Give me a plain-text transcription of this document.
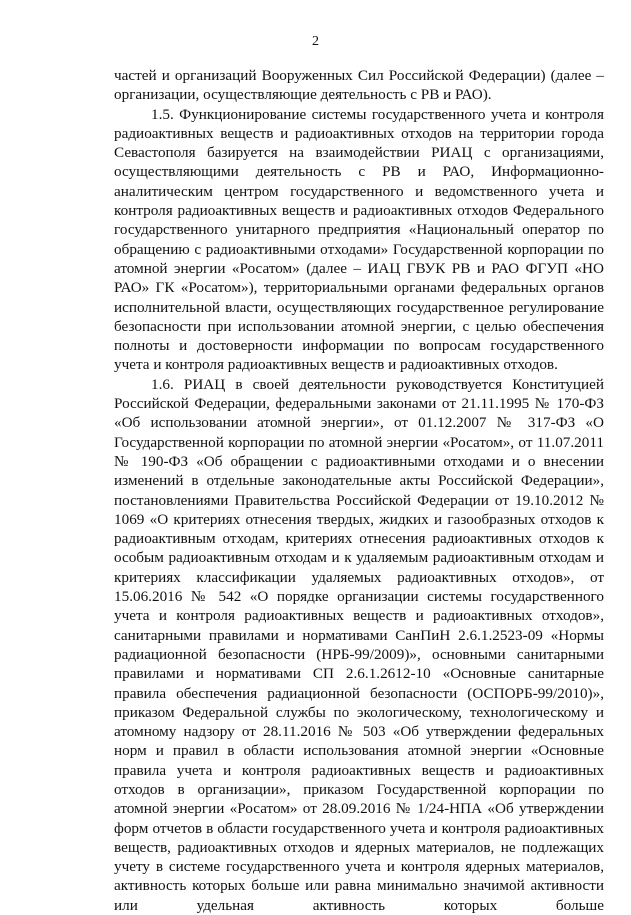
2

частей и организаций Вооруженных Сил Российской Федерации) (далее – организации, осуществляющие деятельность с РВ и РАО).

1.5. Функционирование системы государственного учета и контроля радиоактивных веществ и радиоактивных отходов на территории города Севастополя базируется на взаимодействии РИАЦ с организациями, осуществляющими деятельность с РВ и РАО, Информационно-аналитическим центром государственного и ведомственного учета и контроля радиоактивных веществ и радиоактивных отходов Федерального государственного унитарного предприятия «Национальный оператор по обращению с радиоактивными отходами» Государственной корпорации по атомной энергии «Росатом» (далее – ИАЦ ГВУК РВ и РАО ФГУП «НО РАО» ГК «Росатом»), территориальными органами федеральных органов исполнительной власти, осуществляющих государственное регулирование безопасности при использовании атомной энергии, с целью обеспечения полноты и достоверности информации по вопросам государственного учета и контроля радиоактивных веществ и радиоактивных отходов.

1.6. РИАЦ в своей деятельности руководствуется Конституцией Российской Федерации, федеральными законами от 21.11.1995 № 170-ФЗ «Об использовании атомной энергии», от 01.12.2007 № 317-ФЗ «О Государственной корпорации по атомной энергии «Росатом», от 11.07.2011 № 190-ФЗ «Об обращении с радиоактивными отходами и о внесении изменений в отдельные законодательные акты Российской Федерации», постановлениями Правительства Российской Федерации от 19.10.2012 № 1069 «О критериях отнесения твердых, жидких и газообразных отходов к радиоактивным отходам, критериях отнесения радиоактивных отходов к особым радиоактивным отходам и к удаляемым радиоактивным отходам и критериях классификации удаляемых радиоактивных отходов», от 15.06.2016 № 542 «О порядке организации системы государственного учета и контроля радиоактивных веществ и радиоактивных отходов», санитарными правилами и нормативами СанПиН 2.6.1.2523-09 «Нормы радиационной безопасности (НРБ-99/2009)», основными санитарными правилами и нормативами СП 2.6.1.2612-10 «Основные санитарные правила обеспечения радиационной безопасности (ОСПОРБ-99/2010)», приказом Федеральной службы по экологическому, технологическому и атомному надзору от 28.11.2016 № 503 «Об утверждении федеральных норм и правил в области использования атомной энергии «Основные правила учета и контроля радиоактивных веществ и радиоактивных отходов в организации», приказом Государственной корпорации по атомной энергии «Росатом» от 28.09.2016 № 1/24-НПА «Об утверждении форм отчетов в области государственного учета и контроля радиоактивных веществ, радиоактивных отходов и ядерных материалов, не подлежащих учету в системе государственного учета и контроля ядерных материалов, активность которых больше или равна минимально значимой активности или удельная активность которых больше
